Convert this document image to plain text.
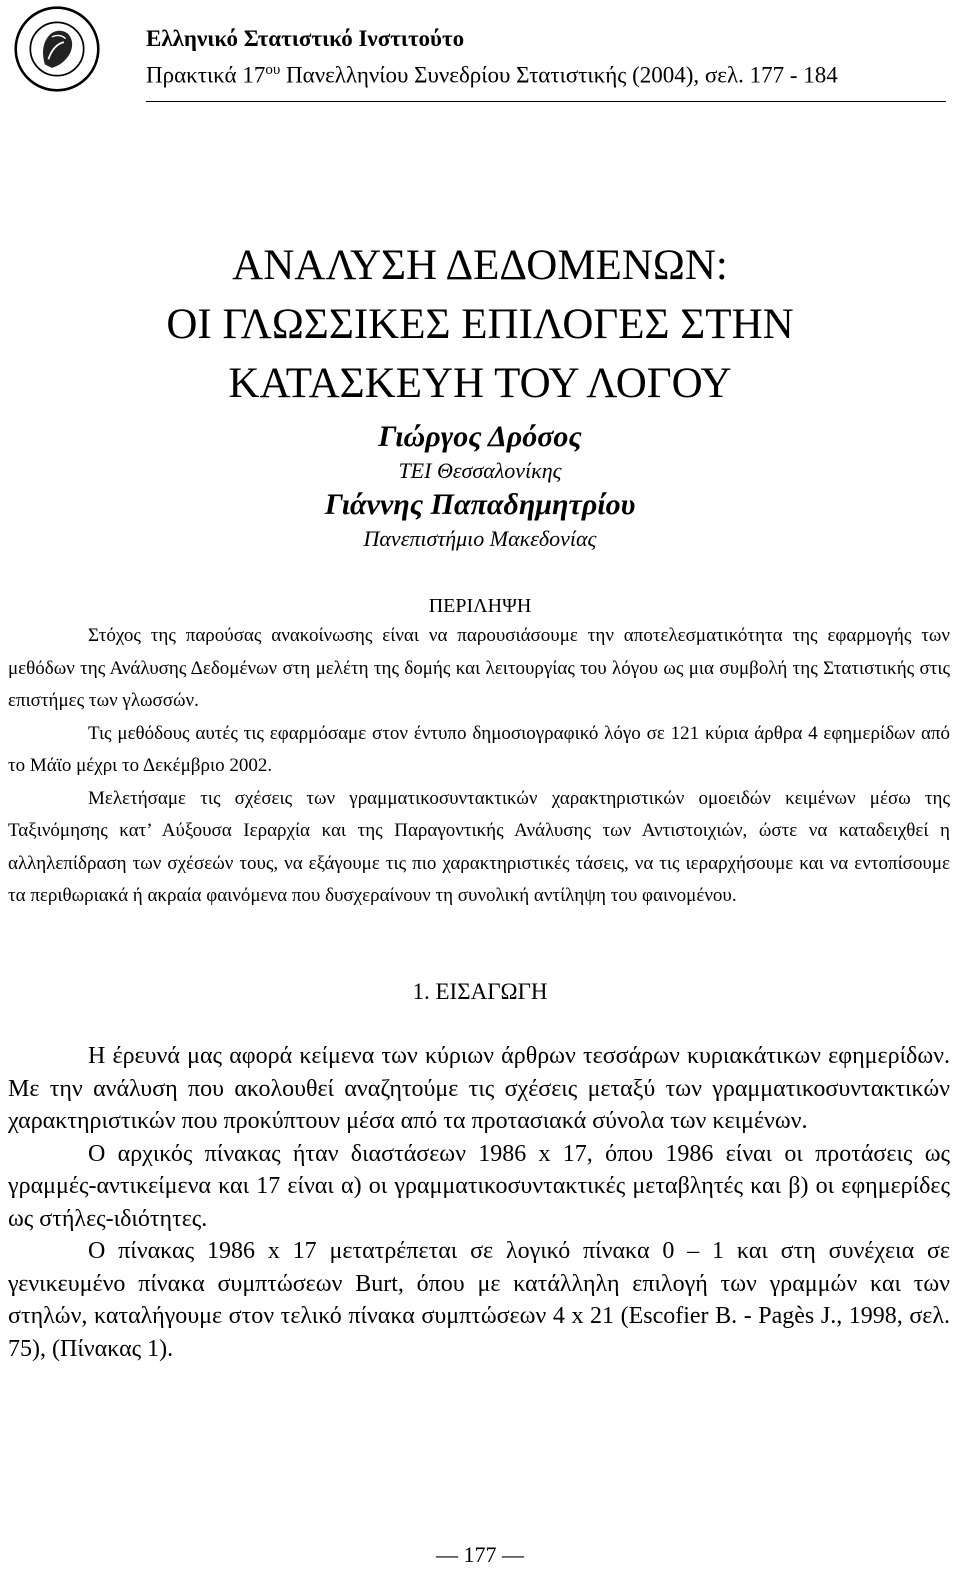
Ελληνικό Στατιστικό Ινστιτούτο
Πρακτικά $17^{o\upsilon}$ Πανελληνίου Συνεδρίου Στατιστικής (2004), σελ. 177 - 184
ΑΝΑΛΥΣΗ ΔΕΔΟΜΕΝΩΝ:
ΟΙ ΓΛΩΣΣΙΚΕΣ ΕΠΙΛΟΓΕΣ ΣΤΗΝ
ΚΑΤΑΣΚΕΥΗ ΤΟΥ ΛΟΓΟΥ
Γιώργος Δρόσος
ΤΕΙ Θεσσαλονίκης
Γιάννης Παπαδημητρίου
Πανεπιστήμιο Μακεδονίας
ΠΕΡΙΛΗΨΗ

Στόχος της παρούσας ανακοίνωσης είναι να παρουσιάσουμε την αποτελεσματικότητα της εφαρμογής των μεθόδων της Ανάλυσης Δεδομένων στη μελέτη της δομής και λειτουργίας του λόγου ως μια συμβολή της Στατιστικής στις επιστήμες των γλωσσών.

Τις μεθόδους αυτές τις εφαρμόσαμε στον έντυπο δημοσιογραφικό λόγο σε 121 κύρια άρθρα 4 εφημερίδων από το Μάϊο μέχρι το Δεκέμβριο 2002.

Μελετήσαμε τις σχέσεις των γραμματικοσυντακτικών χαρακτηριστικών ομοειδών κειμένων μέσω της Ταξινόμησης κατ’ Αύξουσα Ιεραρχία και της Παραγοντικής Ανάλυσης των Αντιστοιχιών, ώστε να καταδειχθεί η αλληλεπίδραση των σχέσεών τους, να εξάγουμε τις πιο χαρακτηριστικές τάσεις, να τις ιεραρχήσουμε και να εντοπίσουμε τα περιθωριακά ή ακραία φαινόμενα που δυσχεραίνουν τη συνολική αντίληψη του φαινομένου.

1. ΕΙΣΑΓΩΓΗ

Η έρευνά μας αφορά κείμενα των κύριων άρθρων τεσσάρων κυριακάτικων εφημερίδων. Με την ανάλυση που ακολουθεί αναζητούμε τις σχέσεις μεταξύ των γραμματικοσυντακτικών χαρακτηριστικών που προκύπτουν μέσα από τα προτασιακά σύνολα των κειμένων.

Ο αρχικός πίνακας ήταν διαστάσεων 1986 x 17, όπου 1986 είναι οι προτάσεις ως γραμμές-αντικείμενα και 17 είναι α) οι γραμματικοσυντακτικές μεταβλητές και β) οι εφημερίδες ως στήλες-ιδιότητες.

Ο πίνακας 1986 x 17 μετατρέπεται σε λογικό πίνακα 0 – 1 και στη συνέχεια σε γενικευμένο πίνακα συμπτώσεων Burt, όπου με κατάλληλη επιλογή των γραμμών και των στηλών, καταλήγουμε στον τελικό πίνακα συμπτώσεων 4 x 21 (Escofier B. - Pagès J., 1998, σελ. 75), (Πίνακας 1).

— 177 —
